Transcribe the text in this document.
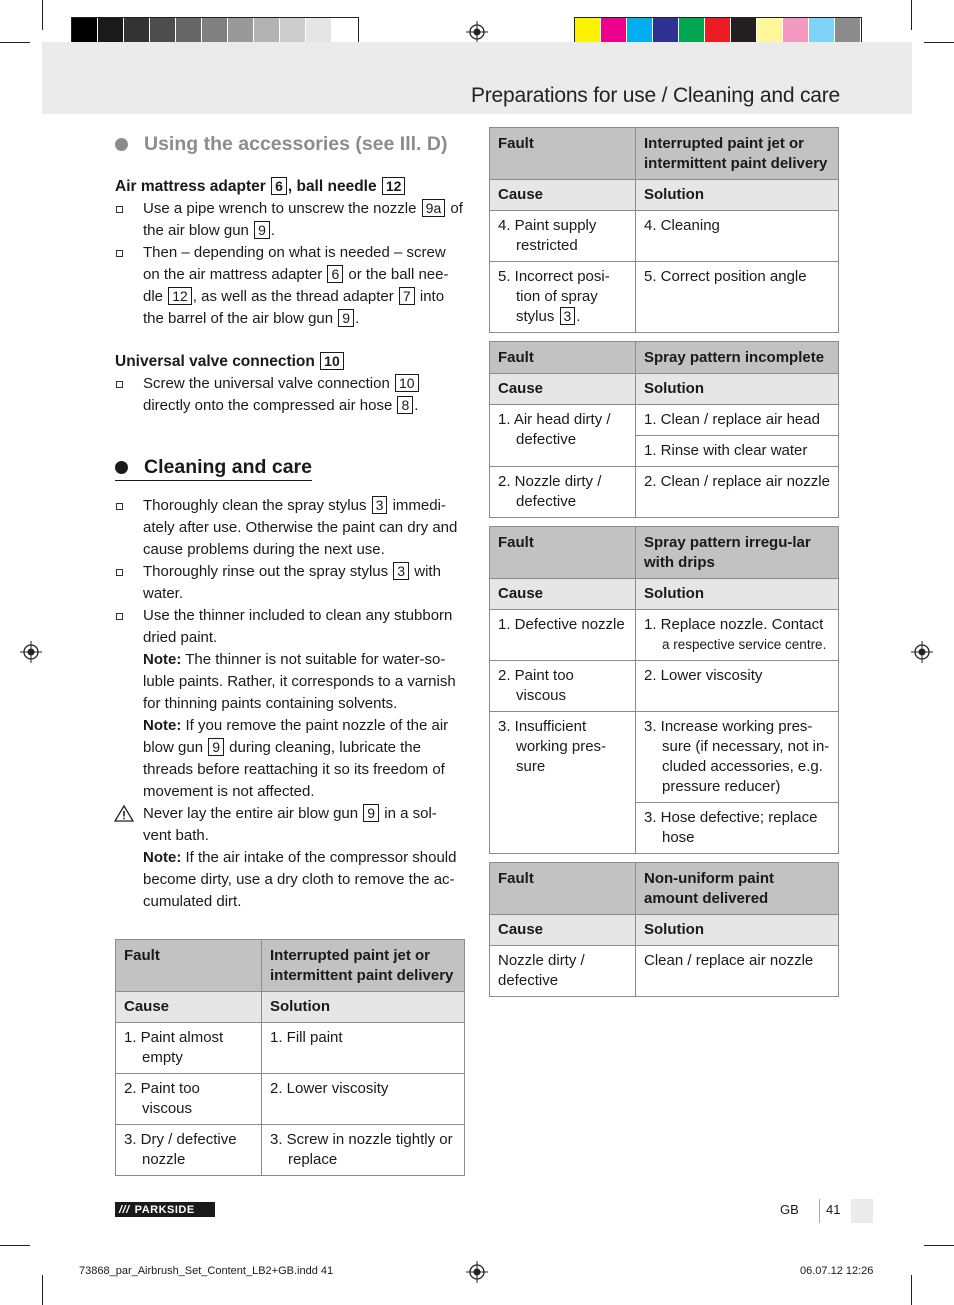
Preparations for use / Cleaning and care
Using the accessories (see Ill. D)
Air mattress adapter 6 , ball needle 12
Use a pipe wrench to unscrew the nozzle 9a of the air blow gun 9 .
Then – depending on what is needed – screw on the air mattress adapter 6 or the ball nee-dle 12 , as well as the thread adapter 7 into the barrel of the air blow gun 9 .
Universal valve connection 10
Screw the universal valve connection 10 directly onto the compressed air hose 8 .
Cleaning and care
Thoroughly clean the spray stylus 3 immedi-ately after use. Otherwise the paint can dry and cause problems during the next use.
Thoroughly rinse out the spray stylus 3 with water.
Use the thinner included to clean any stubborn dried paint.
Note: The thinner is not suitable for water-so-luble paints. Rather, it corresponds to a varnish for thinning paints containing solvents.
Note: If you remove the paint nozzle of the air blow gun 9 during cleaning, lubricate the threads before reattaching it so its freedom of movement is not affected.
Never lay the entire air blow gun 9 in a sol-vent bath.
Note: If the air intake of the compressor should become dirty, use a dry cloth to remove the ac-cumulated dirt.
Fault	Interrupted paint jet or intermittent paint delivery
Cause	Solution

1. Paint almost empty	1. Fill paint

2. Paint too viscous	2. Lower viscosity

3. Dry / defective nozzle	3. Screw in nozzle tightly or replace
Fault	Interrupted paint jet or intermittent paint delivery
Cause	Solution

4. Paint supply restricted	4. Cleaning

5. Incorrect posi-tion of spray stylus 3 .	5. Correct position angle
Fault	Spray pattern incomplete
Cause	Solution

1. Air head dirty / defective	1. Clean / replace air head

	1. Rinse with clear water

2. Nozzle dirty / defective	2. Clean / replace air nozzle
Fault	Spray pattern irregu-lar with drips
Cause	Solution

1. Defective nozzle	1. Replace nozzle. Contact
a respective service centre.

2. Paint too viscous	2. Lower viscosity

3. Insufficient working pres-sure	3. Increase working pres-sure (if necessary, not in-cluded accessories, e.g. pressure reducer)

	3. Hose defective; replace hose
Fault	Non-uniform paint amount delivered
Cause	Solution
Nozzle dirty / defective	Clean / replace air nozzle
/// PARKSIDE	GB 41
73868_par_Airbrush_Set_Content_LB2+GB.indd 41	06.07.12 12:26
